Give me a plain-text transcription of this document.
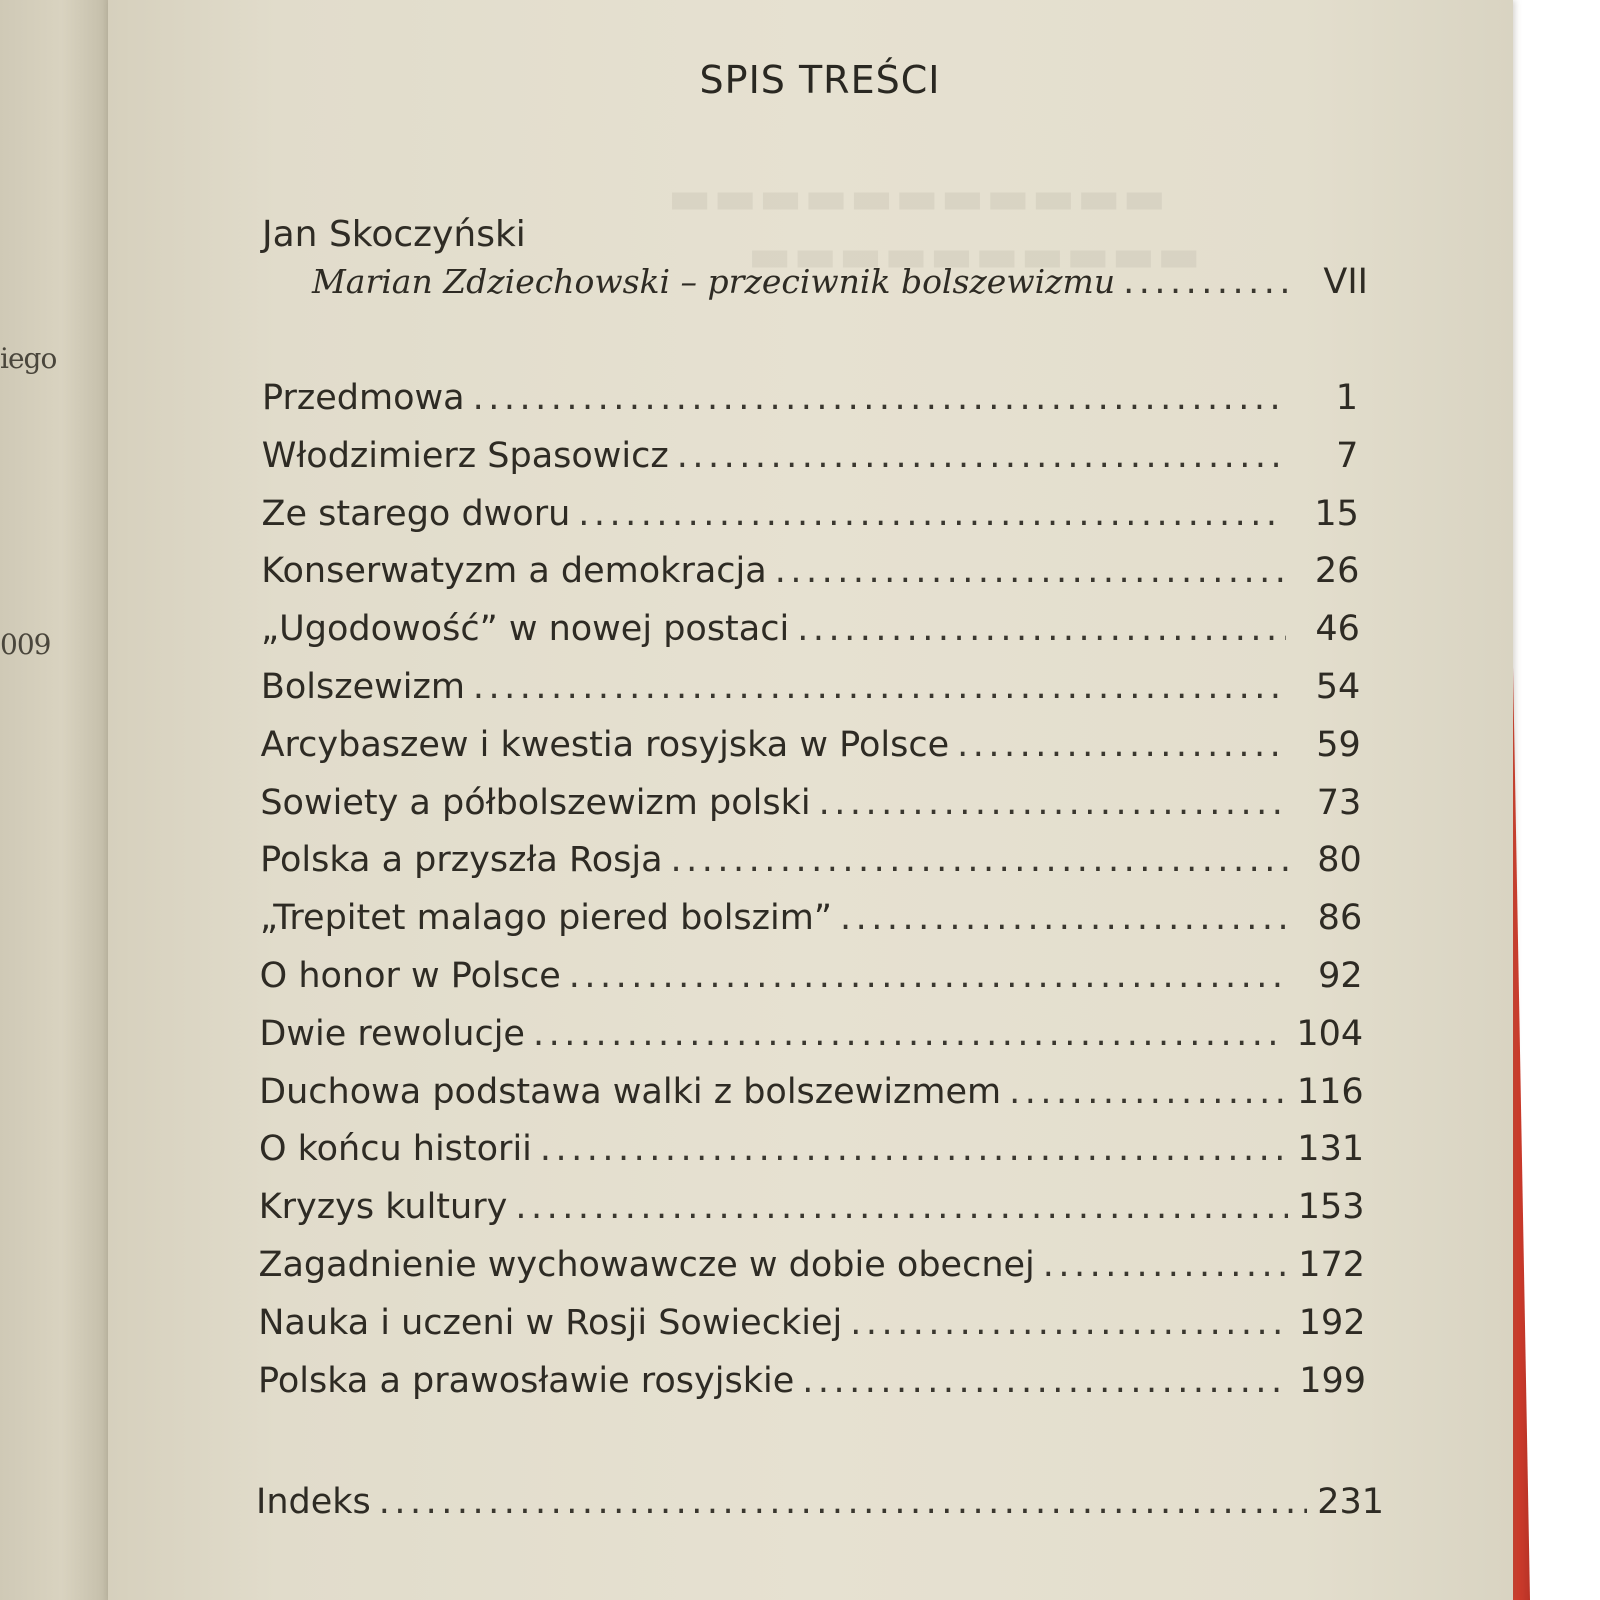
iego
009
▬▬▬▬▬▬▬▬▬▬▬
▬▬▬▬▬▬▬▬▬▬
SPIS TREŚCI
Jan Skoczyński
Marian Zdziechowski – przeciwnik bolszewizmu .....	VII
Przedmowa .....	1
Włodzimierz Spasowicz .....	7
Ze starego dworu .....	15
Konserwatyzm a demokracja .....	26
„Ugodowość” w nowej postaci .....	46
Bolszewizm .....	54
Arcybaszew i kwestia rosyjska w Polsce .....	59
Sowiety a półbolszewizm polski .....	73
Polska a przyszła Rosja .....	80
„Trepitet malago piered bolszim” .....	86
O honor w Polsce .....	92
Dwie rewolucje .....	104
Duchowa podstawa walki z bolszewizmem .....	116
O końcu historii .....	131
Kryzys kultury .....	153
Zagadnienie wychowawcze w dobie obecnej .....	172
Nauka i uczeni w Rosji Sowieckiej .....	192
Polska a prawosławie rosyjskie .....	199
Indeks .....	231
